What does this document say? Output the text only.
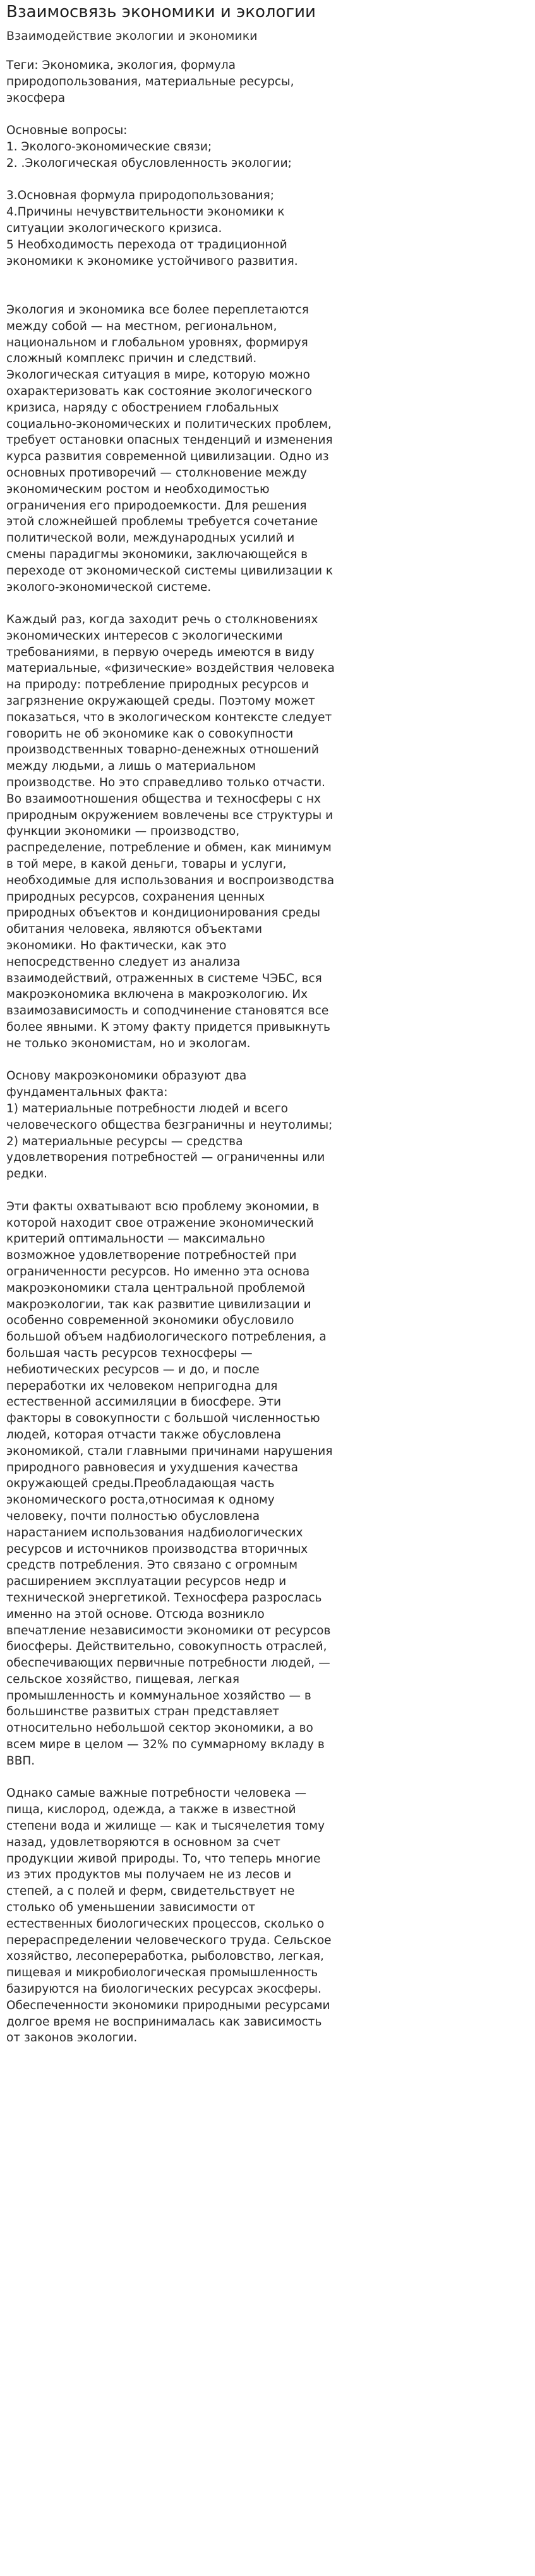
Взаимосвязь экономики и экологии
Взаимодействие экологии и экономики
Теги: Экономика, экология, формула природопользования, материальные ресурсы, экосфера

Основные вопросы:
1. Эколого-экономические связи;
2. .Экологическая обусловленность экологии;

3.Основная формула природопользования;
4.Причины нечувствительности экономики к ситуации экологического кризиса.
5 Необходимость перехода от традиционной экономики к экономике устойчивого развития.

Экология и экономика все более переплетаются между собой — на местном, региональном, национальном и глобальном уровнях, формируя сложный комплекс причин и следствий. Экологическая ситуация в мире, которую можно охарактеризовать как состояние экологического кризиса, наряду с обострением глобальных социально-экономических и политических проблем, требует остановки опасных тенденций и изменения курса развития современной цивилизации. Одно из основных противоречий — столкновение между экономическим ростом и необходимостью ограничения его природоемкости. Для решения этой сложнейшей проблемы требуется сочетание политической воли, международных усилий и смены парадигмы экономики, заключающейся в переходе от экономической системы цивилизации к эколого-экономической системе.

Каждый раз, когда заходит речь о столкновениях экономических интересов с экологическими требованиями, в первую очередь имеются в виду материальные, «физические» воздействия человека на природу: потребление природных ресурсов и загрязнение окружающей среды. Поэтому может показаться, что в экологическом контексте следует говорить не об экономике как о совокупности производственных товарно-денежных отношений между людьми, а лишь о материальном производстве. Но это справедливо только отчасти. Во взаимоотношения общества и техносферы с нх природным окружением вовлечены все структуры и функции экономики — производство, распределение, потребление и обмен, как минимум в той мере, в какой деньги, товары и услуги, необходимые для использования и воспроизводства природных ресурсов, сохранения ценных природных объектов и кондиционирования среды обитания человека, являются объектами экономики. Но фактически, как это непосредственно следует из анализа взаимодействий, отраженных в системе ЧЭБС, вся макроэкономика включена в макроэкологию. Их взаимозависимость и соподчинение становятся все более явными. К этому факту придется привыкнуть не только экономистам, но и экологам.

Основу макроэкономики образуют два фундаментальных факта:
1) материальные потребности людей и всего человеческого общества безграничны и неутолимы;
2) материальные ресурсы — средства удовлетворения потребностей — ограниченны или редки.

Эти факты охватывают всю проблему экономии, в которой находит свое отражение экономический критерий оптимальности — максимально возможное удовлетворение потребностей при ограниченности ресурсов. Но именно эта основа макроэкономики стала центральной проблемой макроэкологии, так как развитие цивилизации и особенно современной экономики обусловило большой объем надбиологического потребления, а большая часть ресурсов техносферы — небиотических ресурсов — и до, и после переработки их человеком непригодна для естественной ассимиляции в биосфере. Эти факторы в совокупности с большой численностью людей, которая отчасти также обусловлена экономикой, стали главными причинами нарушения природного равновесия и ухудшения качества окружающей среды.Преобладающая часть экономического роста,относимая к одному человеку, почти полностью обусловлена нарастанием использования надбиологических ресурсов и источников производства вторичных средств потребления. Это связано с огромным расширением эксплуатации ресурсов недр и технической энергетикой. Техносфера разрослась именно на этой основе. Отсюда возникло впечатление независимости экономики от ресурсов биосферы. Действительно, совокупность отраслей, обеспечивающих первичные потребности людей, — сельское хозяйство, пищевая, легкая промышленность и коммунальное хозяйство — в большинстве развитых стран представляет относительно небольшой сектор экономики, а во всем мире в целом — 32% по суммарному вкладу в ВВП.

Однако самые важные потребности человека — пища, кислород, одежда, а также в известной степени вода и жилище — как и тысячелетия тому назад, удовлетворяются в основном за счет продукции живой природы. То, что теперь многие из этих продуктов мы получаем не из лесов и степей, а с полей и ферм, свидетельствует не столько об уменьшении зависимости от естественных биологических процессов, сколько о перераспределении человеческого труда. Сельское хозяйство, лесопереработка, рыболовство, легкая, пищевая и микробиологическая промышленность базируются на биологических ресурсах экосферы. Обеспеченности экономики природными ресурсами долгое время не воспринималась как зависимость от законов экологии.
